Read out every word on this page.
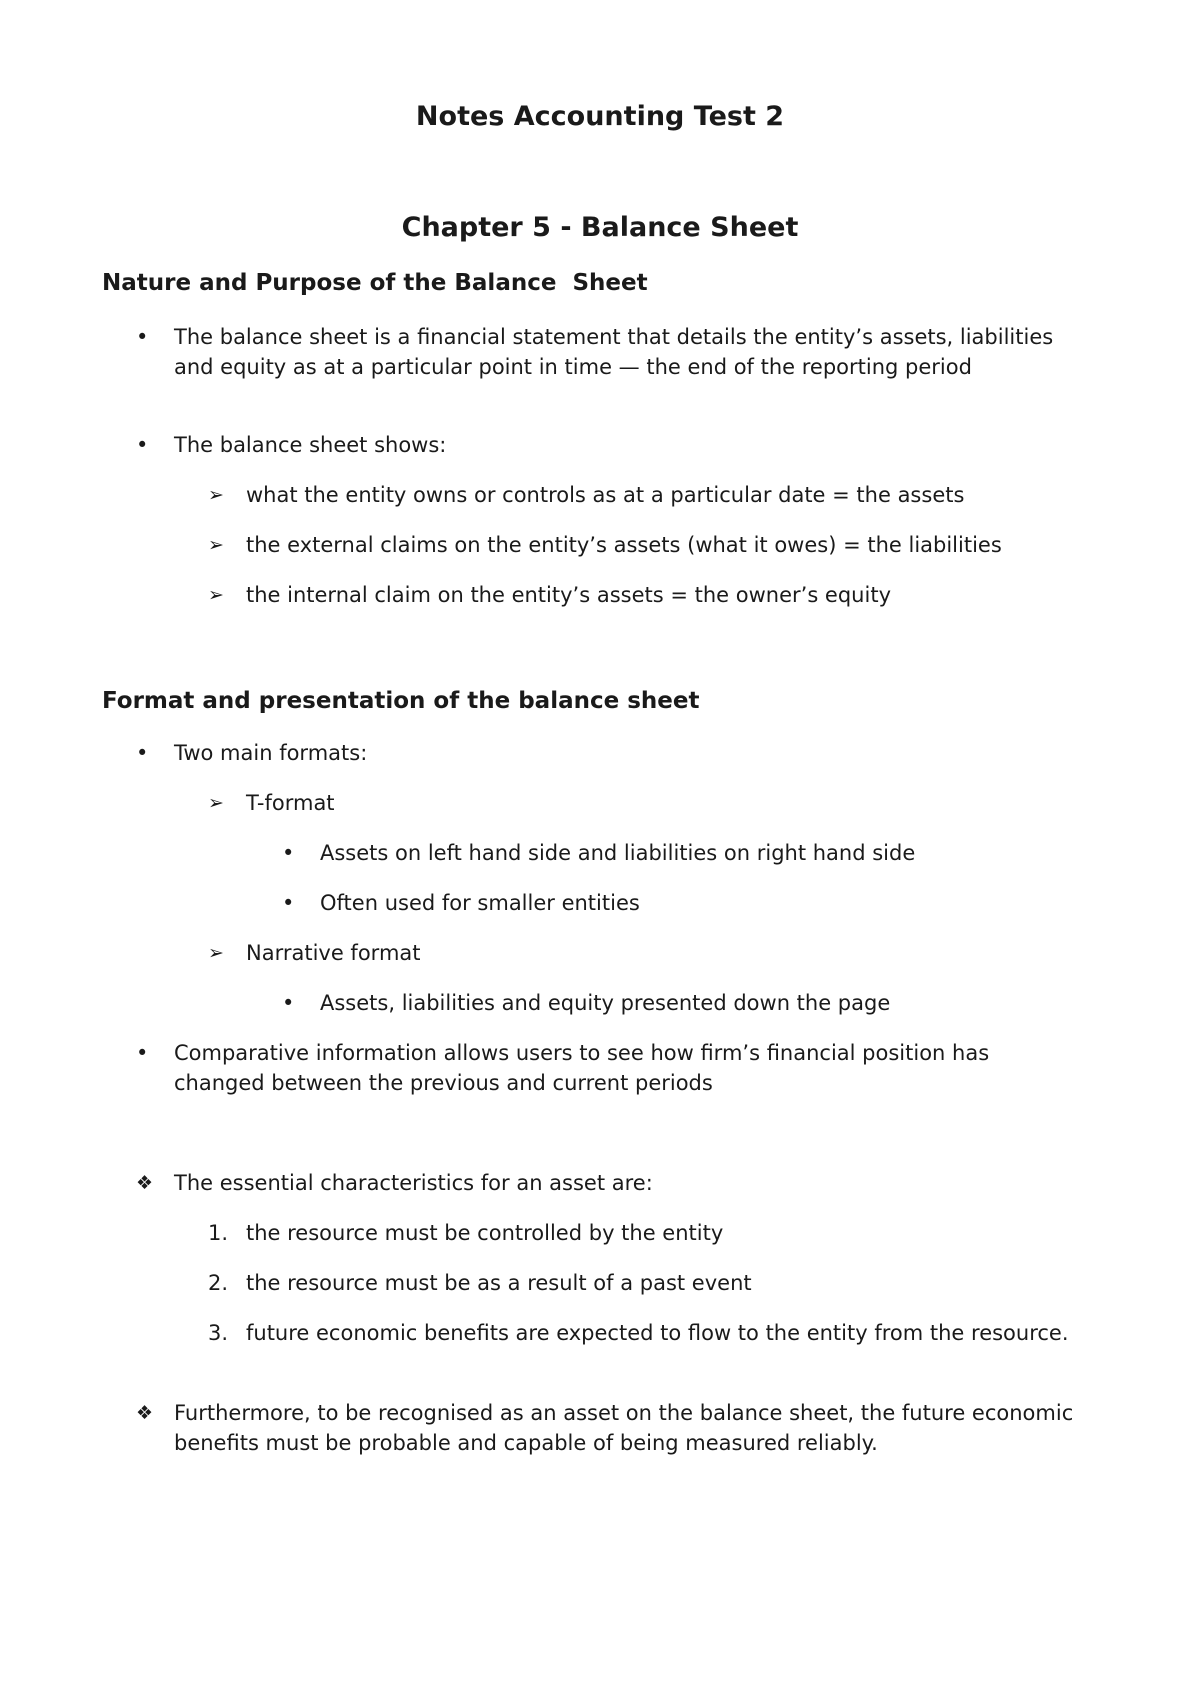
Notes Accounting Test 2
Chapter 5 - Balance Sheet
Nature and Purpose of the Balance  Sheet
•	The balance sheet is a financial statement that details the entity’s assets, liabilities and equity as at a particular point in time — the end of the reporting period
•	The balance sheet shows:
➢	what the entity owns or controls as at a particular date = the assets
➢	the external claims on the entity’s assets (what it owes) = the liabilities
➢	the internal claim on the entity’s assets = the owner’s equity
Format and presentation of the balance sheet
•	Two main formats:
➢	T-format
•	Assets on left hand side and liabilities on right hand side
•	Often used for smaller entities
➢	Narrative format
•	Assets, liabilities and equity presented down the page
•	Comparative information allows users to see how firm’s financial position has changed between the previous and current periods
❖ The essential characteristics for an asset are:
1. the resource must be controlled by the entity
2. the resource must be as a result of a past event
3. future economic benefits are expected to flow to the entity from the resource.
❖ Furthermore, to be recognised as an asset on the balance sheet, the future economic benefits must be probable and capable of being measured reliably.
